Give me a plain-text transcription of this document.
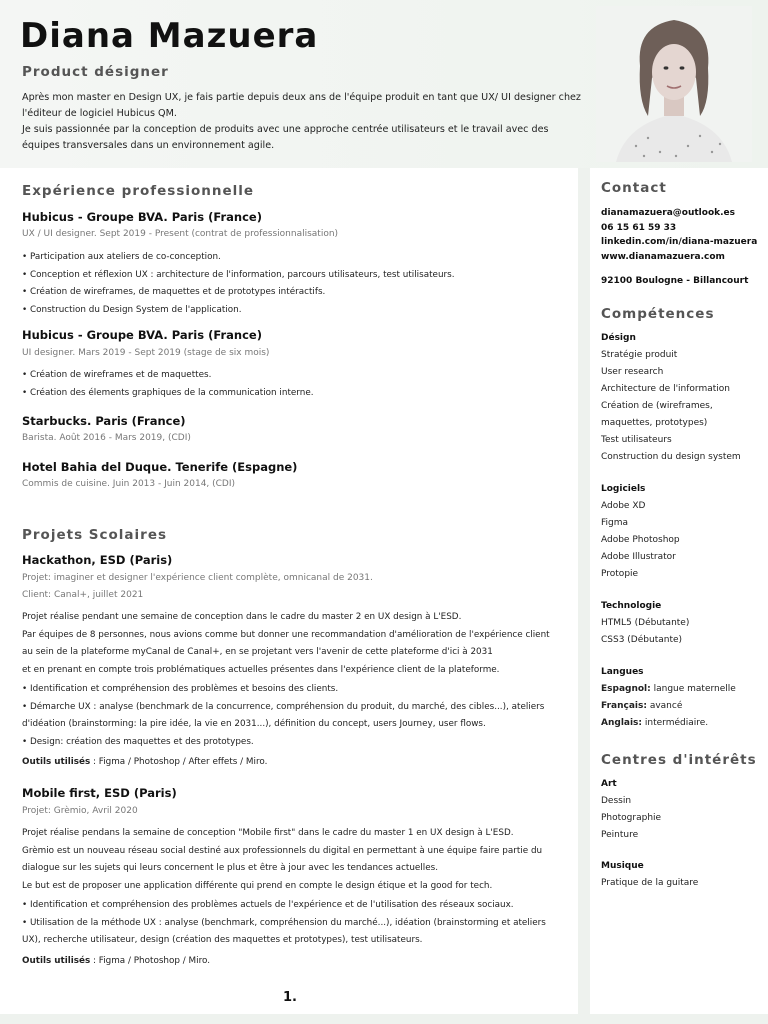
Diana Mazuera
Product désigner

Après mon master en Design UX, je fais partie depuis deux ans de l'équipe produit en tant que UX/ UI designer chez l'éditeur de logiciel Hubicus QM.

Je suis passionnée par la conception de produits avec une approche centrée utilisateurs et le travail avec des équipes transversales dans un environnement agile.

Expérience professionnelle
Hubicus - Groupe BVA. Paris (France)
UX / UI designer. Sept 2019 - Present (contrat de professionnalisation)
• Participation aux ateliers de co-conception.
• Conception et réflexion UX : architecture de l'information, parcours utilisateurs, test utilisateurs.
• Création de wireframes, de maquettes et de prototypes intéractifs.
• Construction du Design System de l'application.
Hubicus - Groupe BVA. Paris (France)
UI designer. Mars 2019 - Sept 2019 (stage de six mois)
• Création de wireframes et de maquettes.
• Création des élements graphiques de la communication interne.
Starbucks. Paris (France)
Barista. Août 2016 - Mars 2019, (CDI)
Hotel Bahia del Duque. Tenerife (Espagne)
Commis de cuisine. Juin 2013 - Juin 2014, (CDI)
Projets Scolaires
Hackathon, ESD (Paris)
Projet: imaginer et designer l'expérience client complète, omnicanal de 2031.
Client: Canal+, juillet 2021

Projet réalise pendant une semaine de conception dans le cadre du master 2 en UX design à L'ESD.

Par équipes de 8 personnes, nous avions comme but donner une recommandation d'amélioration de l'expérience client au sein de la plateforme myCanal de Canal+, en se projetant vers l'avenir de cette plateforme d'ici à 2031

et en prenant en compte trois problématiques actuelles présentes dans l'expérience client de la plateforme.

• Identification et compréhension des problèmes et besoins des clients.
• Démarche UX : analyse (benchmark de la concurrence, compréhension du produit, du marché, des cibles...), ateliers d'idéation (brainstorming: la pire idée, la vie en 2031...), définition du concept, users Journey, user flows.
• Design: création des maquettes et des prototypes.
Outils utilisés : Figma / Photoshop / After effets / Miro.
Mobile first, ESD (Paris)
Projet: Grèmio, Avril 2020

Projet réalise pendans la semaine de conception "Mobile first" dans le cadre du master 1 en UX design à L'ESD.

Grèmio est un nouveau réseau social destiné aux professionnels du digital en permettant à une équipe faire partie du dialogue sur les sujets qui leurs concernent le plus et être à jour avec les tendances actuelles.

Le but est de proposer une application différente qui prend en compte le design étique et la good for tech.

• Identification et compréhension des problèmes actuels de l'expérience et de l'utilisation des réseaux sociaux.
• Utilisation de la méthode UX : analyse (benchmark, compréhension du marché...), idéation (brainstorming et ateliers UX), recherche utilisateur, design (création des maquettes et prototypes), test utilisateurs.
Outils utilisés : Figma / Photoshop / Miro.
1.
Contact
dianamazuera@outlook.es
06 15 61 59 33
linkedin.com/in/diana-mazuera
www.dianamazuera.com
92100 Boulogne - Billancourt
Compétences
Désign
Stratégie produit
User research
Architecture de l'information
Création de (wireframes, maquettes, prototypes)
Test utilisateurs
Construction du design system
Logiciels
Adobe XD
Figma
Adobe Photoshop
Adobe Illustrator
Protopie
Technologie
HTML5 (Débutante)
CSS3 (Débutante)
Langues
Espagnol: langue maternelle
Français: avancé
Anglais: intermédiaire.
Centres d'intérêts
Art
Dessin
Photographie
Peinture
Musique
Pratique de la guitare
